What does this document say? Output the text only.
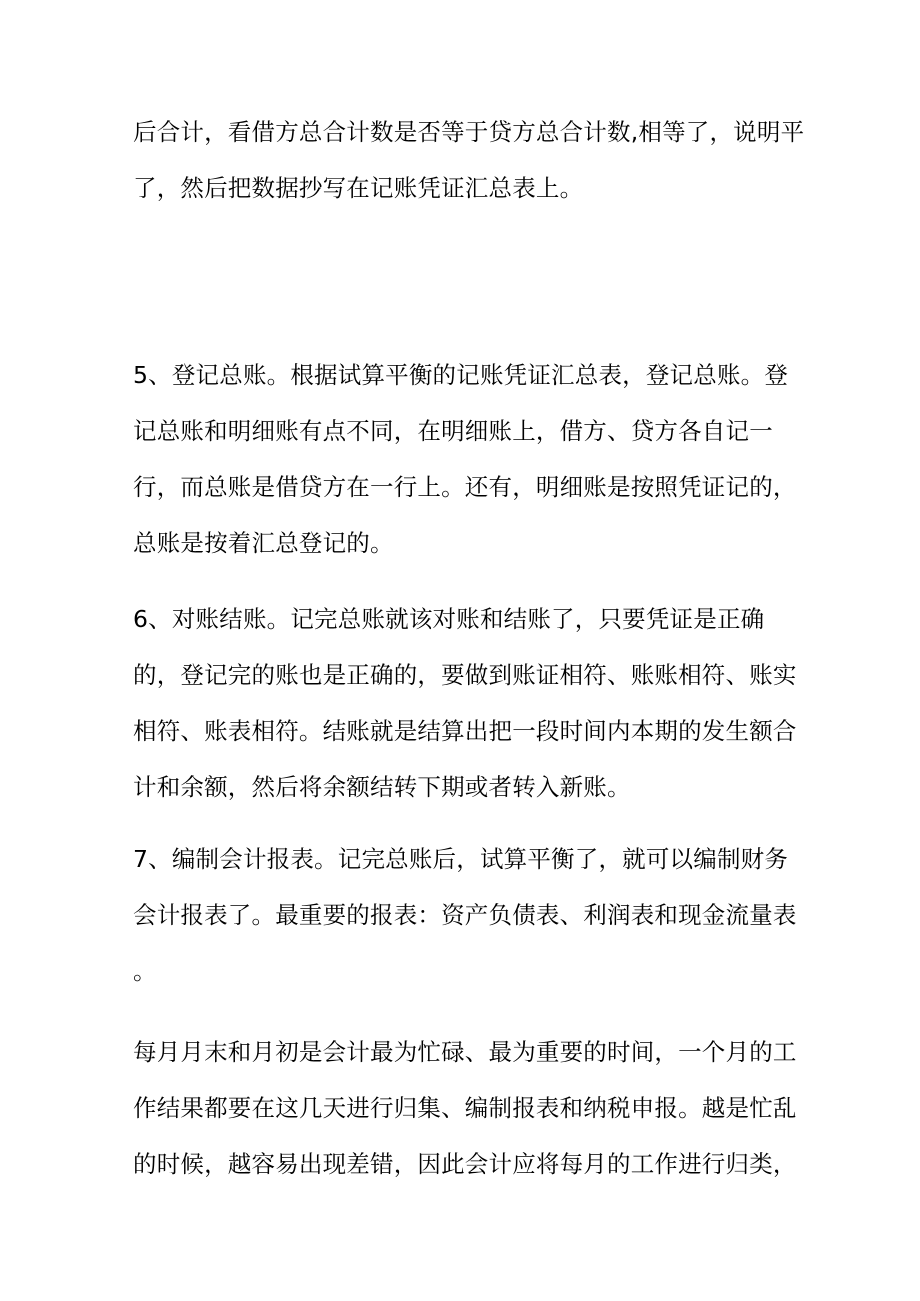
后合计，看借方总合计数是否等于贷方总合计数,相等了，说明平
了，然后把数据抄写在记账凭证汇总表上。
5、登记总账。根据试算平衡的记账凭证汇总表，登记总账。登
记总账和明细账有点不同，在明细账上，借方、贷方各自记一
行，而总账是借贷方在一行上。还有，明细账是按照凭证记的，
总账是按着汇总登记的。
6、对账结账。记完总账就该对账和结账了，只要凭证是正确
的，登记完的账也是正确的，要做到账证相符、账账相符、账实
相符、账表相符。结账就是结算出把一段时间内本期的发生额合
计和余额，然后将余额结转下期或者转入新账。
7、编制会计报表。记完总账后，试算平衡了，就可以编制财务
会计报表了。最重要的报表：资产负债表、利润表和现金流量表
。
每月月末和月初是会计最为忙碌、最为重要的时间，一个月的工
作结果都要在这几天进行归集、编制报表和纳税申报。越是忙乱
的时候，越容易出现差错，因此会计应将每月的工作进行归类，
